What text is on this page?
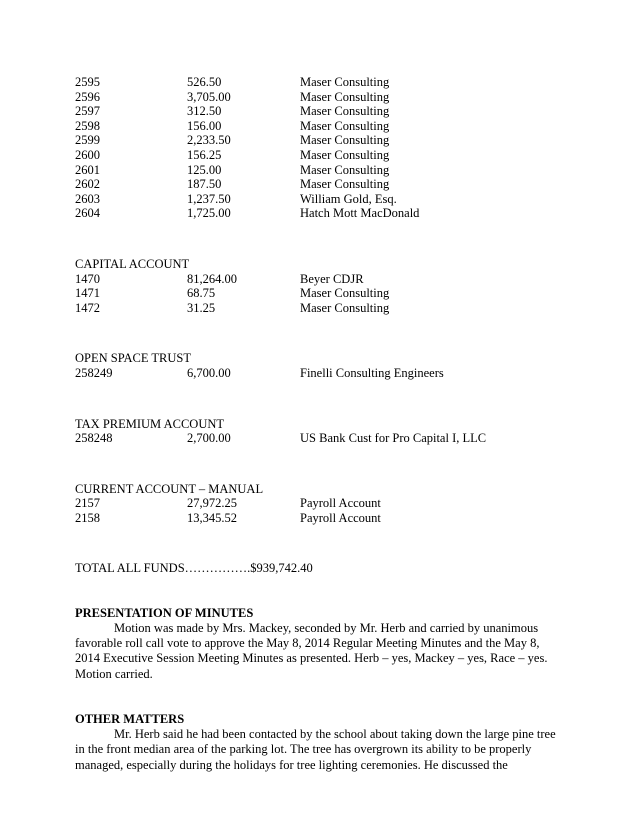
2595	526.50	Maser Consulting
2596	3,705.00	Maser Consulting
2597	312.50	Maser Consulting
2598	156.00	Maser Consulting
2599	2,233.50	Maser Consulting
2600	156.25	Maser Consulting
2601	125.00	Maser Consulting
2602	187.50	Maser Consulting
2603	1,237.50	William Gold, Esq.
2604	1,725.00	Hatch Mott MacDonald
CAPITAL ACCOUNT
1470	81,264.00	Beyer CDJR
1471	68.75	Maser Consulting
1472	31.25	Maser Consulting
OPEN SPACE TRUST
258249	6,700.00	Finelli Consulting Engineers
TAX PREMIUM ACCOUNT
258248	2,700.00	US Bank Cust for Pro Capital I, LLC
CURRENT ACCOUNT – MANUAL
2157	27,972.25	Payroll Account
2158	13,345.52	Payroll Account
TOTAL ALL FUNDS…………….$939,742.40
PRESENTATION OF MINUTES
Motion was made by Mrs. Mackey, seconded by Mr. Herb and carried by unanimous
favorable roll call vote to approve the May 8, 2014 Regular Meeting Minutes and the May 8,
2014 Executive Session Meeting Minutes as presented. Herb – yes, Mackey – yes, Race – yes.
Motion carried.
OTHER MATTERS
Mr. Herb said he had been contacted by the school about taking down the large pine tree
in the front median area of the parking lot. The tree has overgrown its ability to be properly
managed, especially during the holidays for tree lighting ceremonies. He discussed the
